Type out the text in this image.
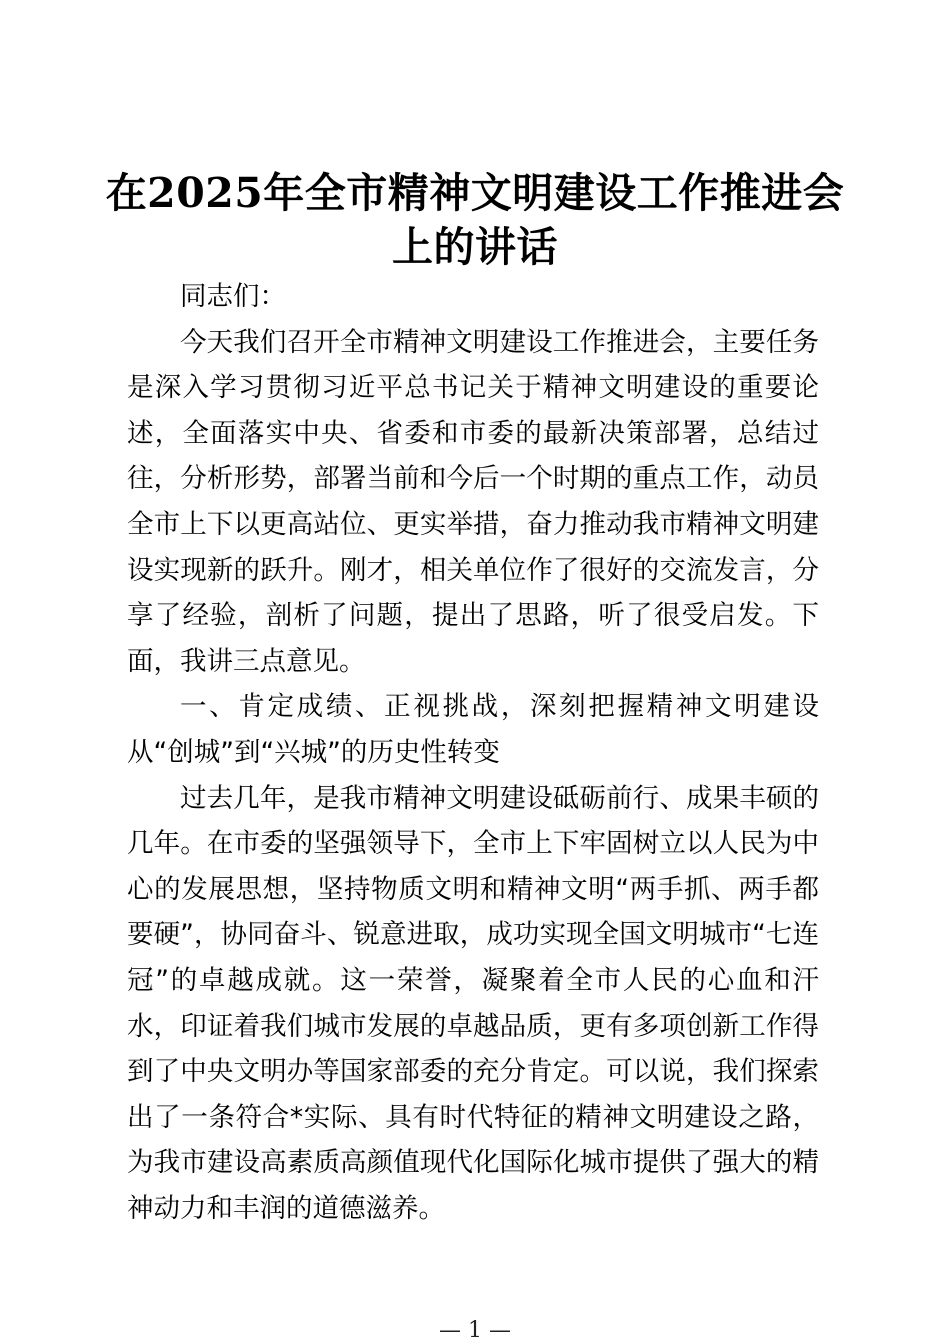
在2025年全市精神文明建设工作推进会上的讲话

同志们：

今天我们召开全市精神文明建设工作推进会，主要任务是深入学习贯彻习近平总书记关于精神文明建设的重要论述，全面落实中央、省委和市委的最新决策部署，总结过往，分析形势，部署当前和今后一个时期的重点工作，动员全市上下以更高站位、更实举措，奋力推动我市精神文明建设实现新的跃升。刚才，相关单位作了很好的交流发言，分享了经验，剖析了问题，提出了思路，听了很受启发。下面，我讲三点意见。

一、肯定成绩、正视挑战，深刻把握精神文明建设从“创城”到“兴城”的历史性转变

过去几年，是我市精神文明建设砥砺前行、成果丰硕的几年。在市委的坚强领导下，全市上下牢固树立以人民为中心的发展思想，坚持物质文明和精神文明“两手抓、两手都要硬”，协同奋斗、锐意进取，成功实现全国文明城市“七连冠”的卓越成就。这一荣誉，凝聚着全市人民的心血和汗水，印证着我们城市发展的卓越品质，更有多项创新工作得到了中央文明办等国家部委的充分肯定。可以说，我们探索出了一条符合*实际、具有时代特征的精神文明建设之路，为我市建设高素质高颜值现代化国际化城市提供了强大的精神动力和丰润的道德滋养。

— 1 —
